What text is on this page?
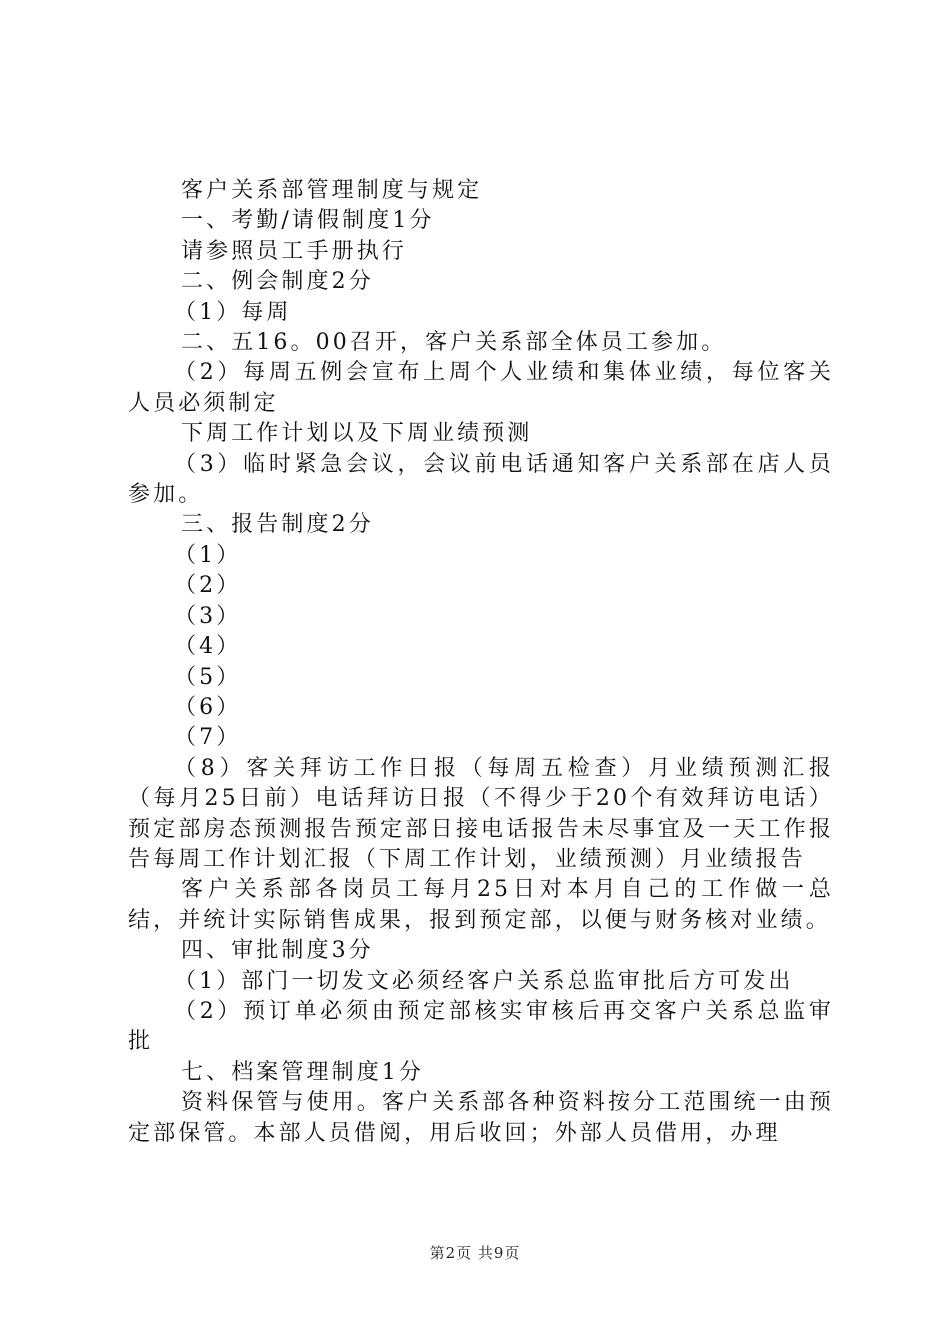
客户关系部管理制度与规定

一、考勤/请假制度1分

请参照员工手册执行

二、例会制度2分

（1）每周

二、五16。00召开，客户关系部全体员工参加。

（2）每周五例会宣布上周个人业绩和集体业绩，每位客关人员必须制定

下周工作计划以及下周业绩预测

（3）临时紧急会议，会议前电话通知客户关系部在店人员参加。

三、报告制度2分

（1）

（2）

（3）

（4）

（5）

（6）

（7）

（8）客关拜访工作日报（每周五检查）月业绩预测汇报（每月25日前）电话拜访日报（不得少于20个有效拜访电话）预定部房态预测报告预定部日接电话报告未尽事宜及一天工作报告每周工作计划汇报（下周工作计划，业绩预测）月业绩报告

客户关系部各岗员工每月25日对本月自己的工作做一总结，并统计实际销售成果，报到预定部，以便与财务核对业绩。

四、审批制度3分

（1）部门一切发文必须经客户关系总监审批后方可发出

（2）预订单必须由预定部核实审核后再交客户关系总监审批

七、档案管理制度1分

资料保管与使用。客户关系部各种资料按分工范围统一由预定部保管。本部人员借阅，用后收回；外部人员借用，办理

第2页 共9页
